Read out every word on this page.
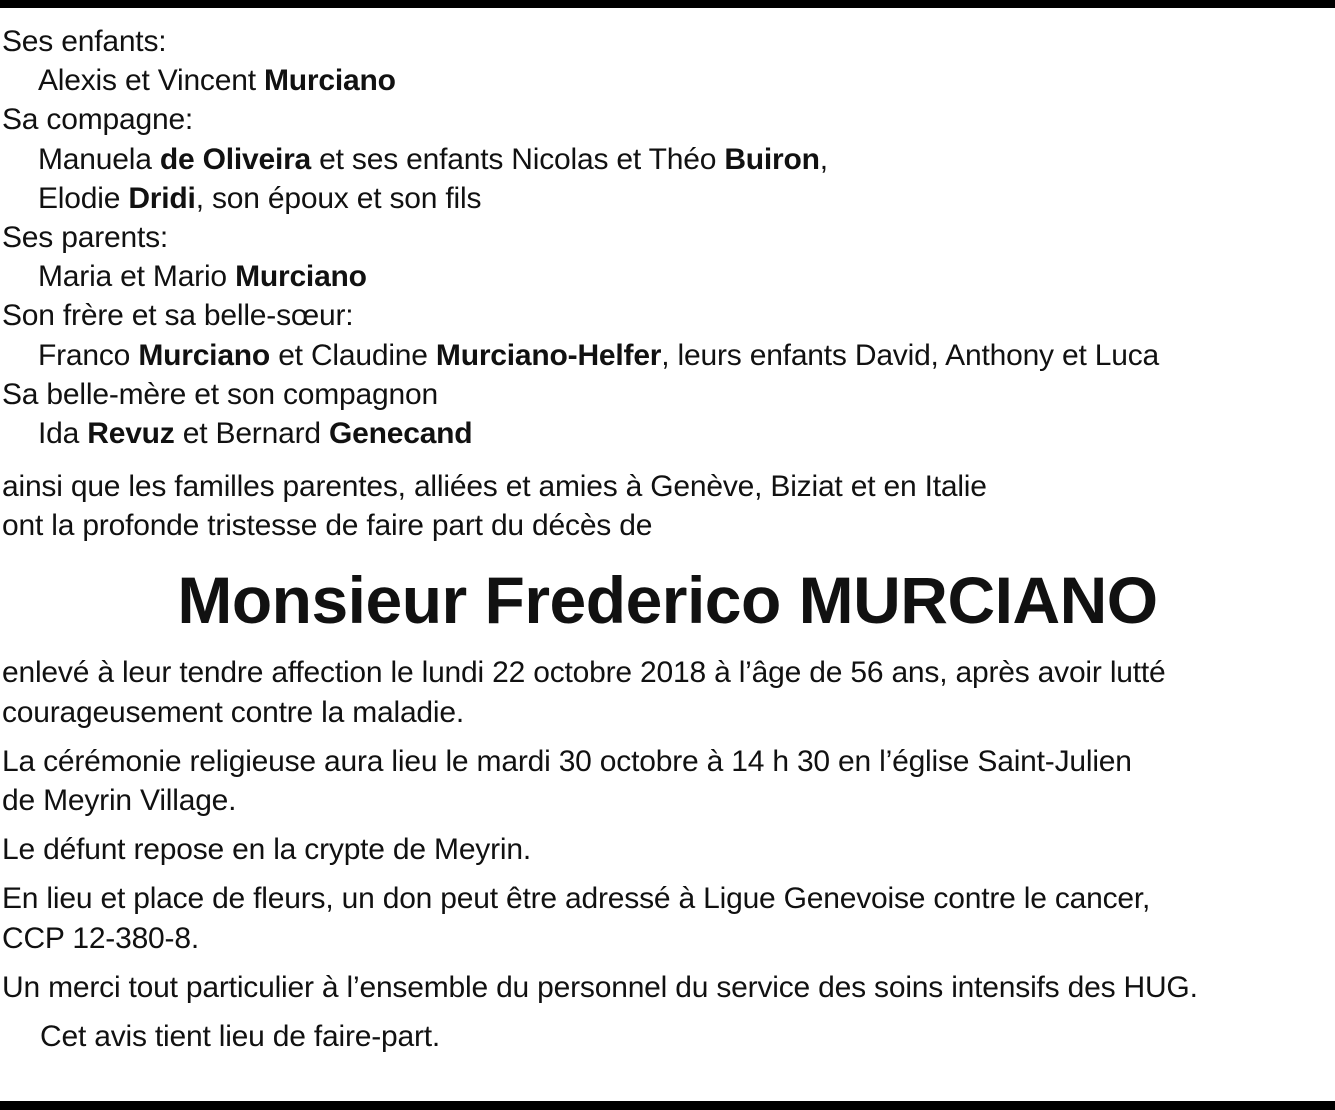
Ses enfants:
Alexis et Vincent Murciano
Sa compagne:
Manuela de Oliveira et ses enfants Nicolas et Théo Buiron,
Elodie Dridi, son époux et son fils
Ses parents:
Maria et Mario Murciano
Son frère et sa belle-sœur:
Franco Murciano et Claudine Murciano-Helfer, leurs enfants David, Anthony et Luca
Sa belle-mère et son compagnon
Ida Revuz et Bernard Genecand
ainsi que les familles parentes, alliées et amies à Genève, Biziat et en Italie
ont la profonde tristesse de faire part du décès de
Monsieur Frederico MURCIANO
enlevé à leur tendre affection le lundi 22 octobre 2018 à l’âge de 56 ans, après avoir lutté
courageusement contre la maladie.
La cérémonie religieuse aura lieu le mardi 30 octobre à 14 h 30 en l’église Saint-Julien
de Meyrin Village.
Le défunt repose en la crypte de Meyrin.
En lieu et place de fleurs, un don peut être adressé à Ligue Genevoise contre le cancer,
CCP 12-380-8.
Un merci tout particulier à l’ensemble du personnel du service des soins intensifs des HUG.
Cet avis tient lieu de faire-part.
